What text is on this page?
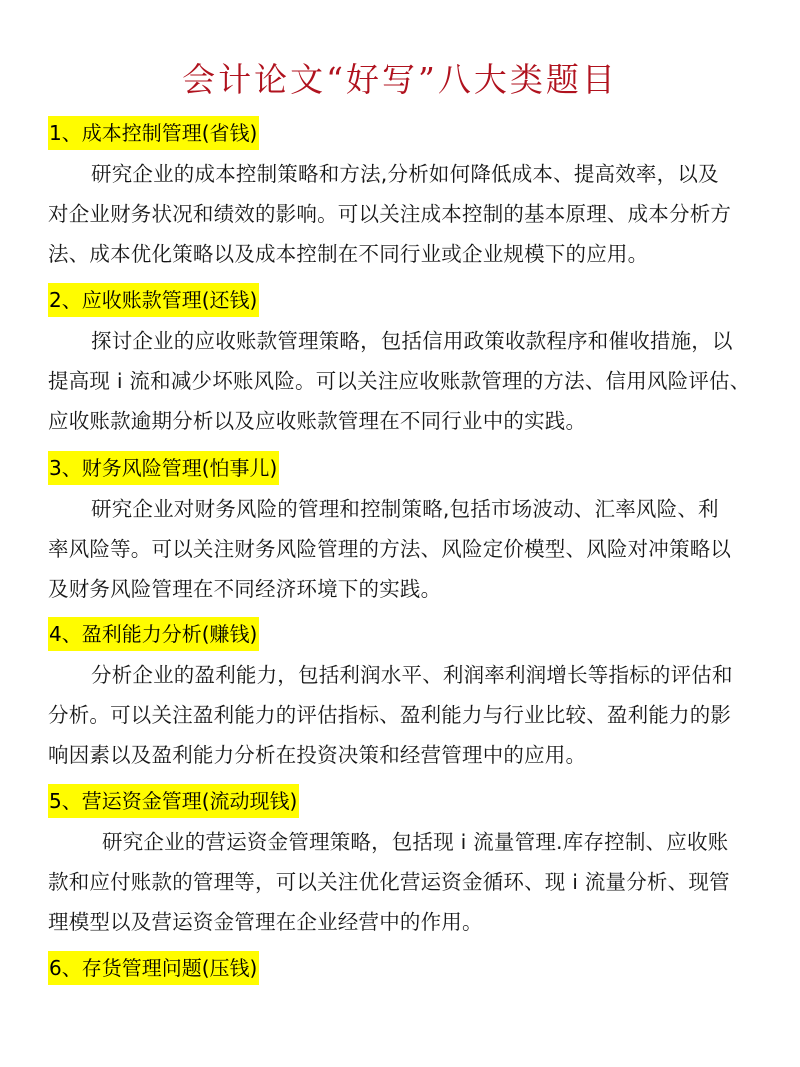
会计论文“好写”八大类题目
1、成本控制管理(省钱)
研究企业的成本控制策略和方法,分析如何降低成本、提高效率，以及
对企业财务状况和绩效的影响。可以关注成本控制的基本原理、成本分析方
法、成本优化策略以及成本控制在不同行业或企业规模下的应用。
2、应收账款管理(还钱)
探讨企业的应收账款管理策略，包括信用政策收款程序和催收措施，以
提高现 i 流和减少坏账风险。可以关注应收账款管理的方法、信用风险评估、
应收账款逾期分析以及应收账款管理在不同行业中的实践。
3、财务风险管理(怕事儿)
研究企业对财务风险的管理和控制策略,包括市场波动、汇率风险、利
率风险等。可以关注财务风险管理的方法、风险定价模型、风险对冲策略以
及财务风险管理在不同经济环境下的实践。
4、盈利能力分析(赚钱)
分析企业的盈利能力，包括利润水平、利润率利润增长等指标的评估和
分析。可以关注盈利能力的评估指标、盈利能力与行业比较、盈利能力的影
响因素以及盈利能力分析在投资决策和经营管理中的应用。
5、营运资金管理(流动现钱)
研究企业的营运资金管理策略，包括现 i 流量管理.库存控制、应收账
款和应付账款的管理等，可以关注优化营运资金循环、现 i 流量分析、现管
理模型以及营运资金管理在企业经营中的作用。
6、存货管理问题(压钱)
